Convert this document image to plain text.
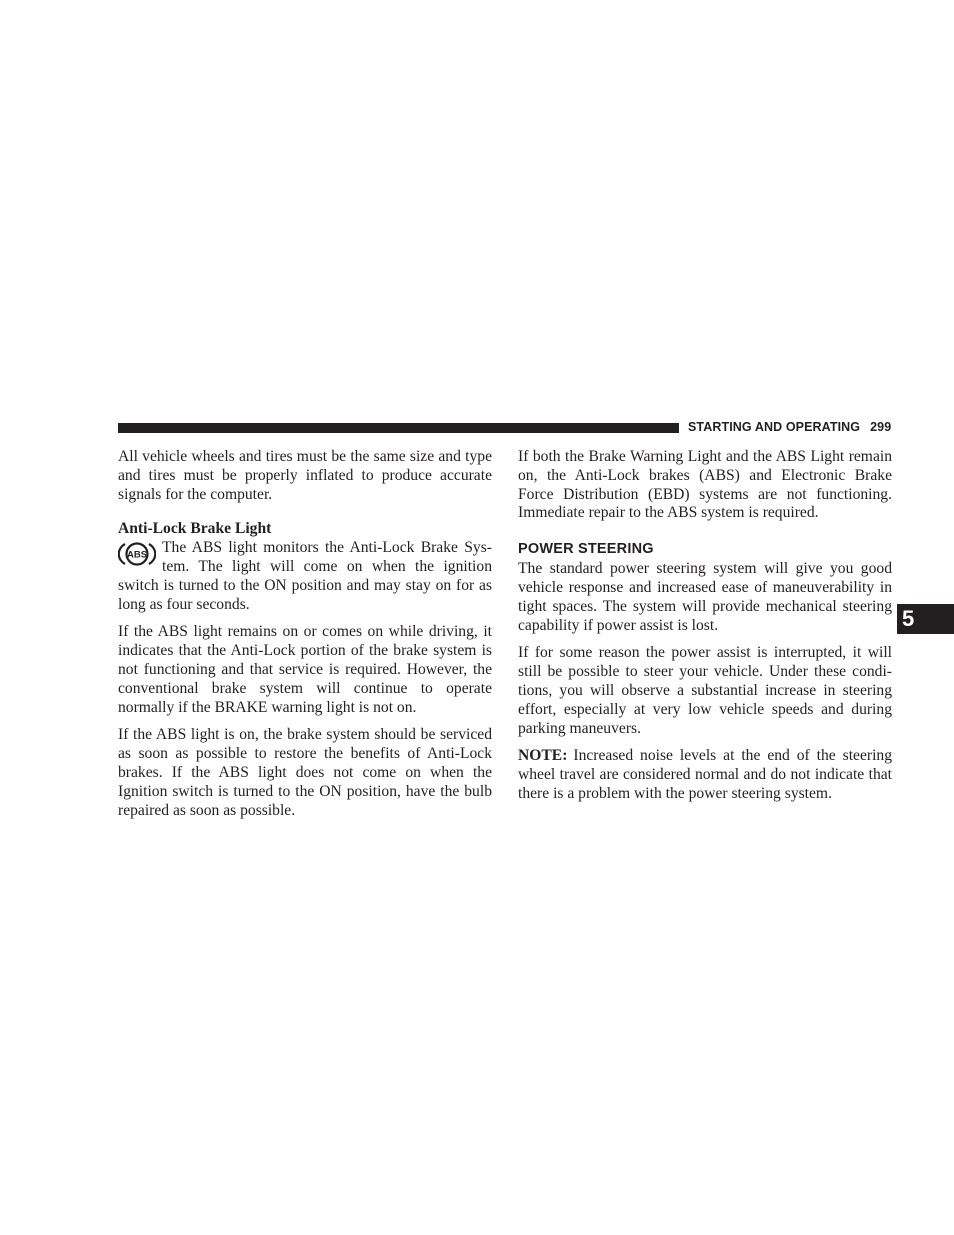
STARTING AND OPERATING 299
5

All vehicle wheels and tires must be the same size and type and tires must be properly inflated to produce accurate signals for the computer.

Anti-Lock Brake Light

ABS The ABS light monitors the Anti-Lock Brake System. The light will come on when the ignition switch is turned to the ON position and may stay on for as long as four seconds.

If the ABS light remains on or comes on while driving, it indicates that the Anti-Lock portion of the brake system is not functioning and that service is required. However, the conventional brake system will continue to operate normally if the BRAKE warning light is not on.

If the ABS light is on, the brake system should be serviced as soon as possible to restore the benefits of Anti-Lock brakes. If the ABS light does not come on when the Ignition switch is turned to the ON position, have the bulb repaired as soon as possible.

If both the Brake Warning Light and the ABS Light remain on, the Anti-Lock brakes (ABS) and Electronic Brake Force Distribution (EBD) systems are not functioning. Immediate repair to the ABS system is required.

POWER STEERING

The standard power steering system will give you good vehicle response and increased ease of maneuverability in tight spaces. The system will provide mechanical steering capability if power assist is lost.

If for some reason the power assist is interrupted, it will still be possible to steer your vehicle. Under these conditions, you will observe a substantial increase in steering effort, especially at very low vehicle speeds and during parking maneuvers.

NOTE: Increased noise levels at the end of the steering wheel travel are considered normal and do not indicate that there is a problem with the power steering system.
